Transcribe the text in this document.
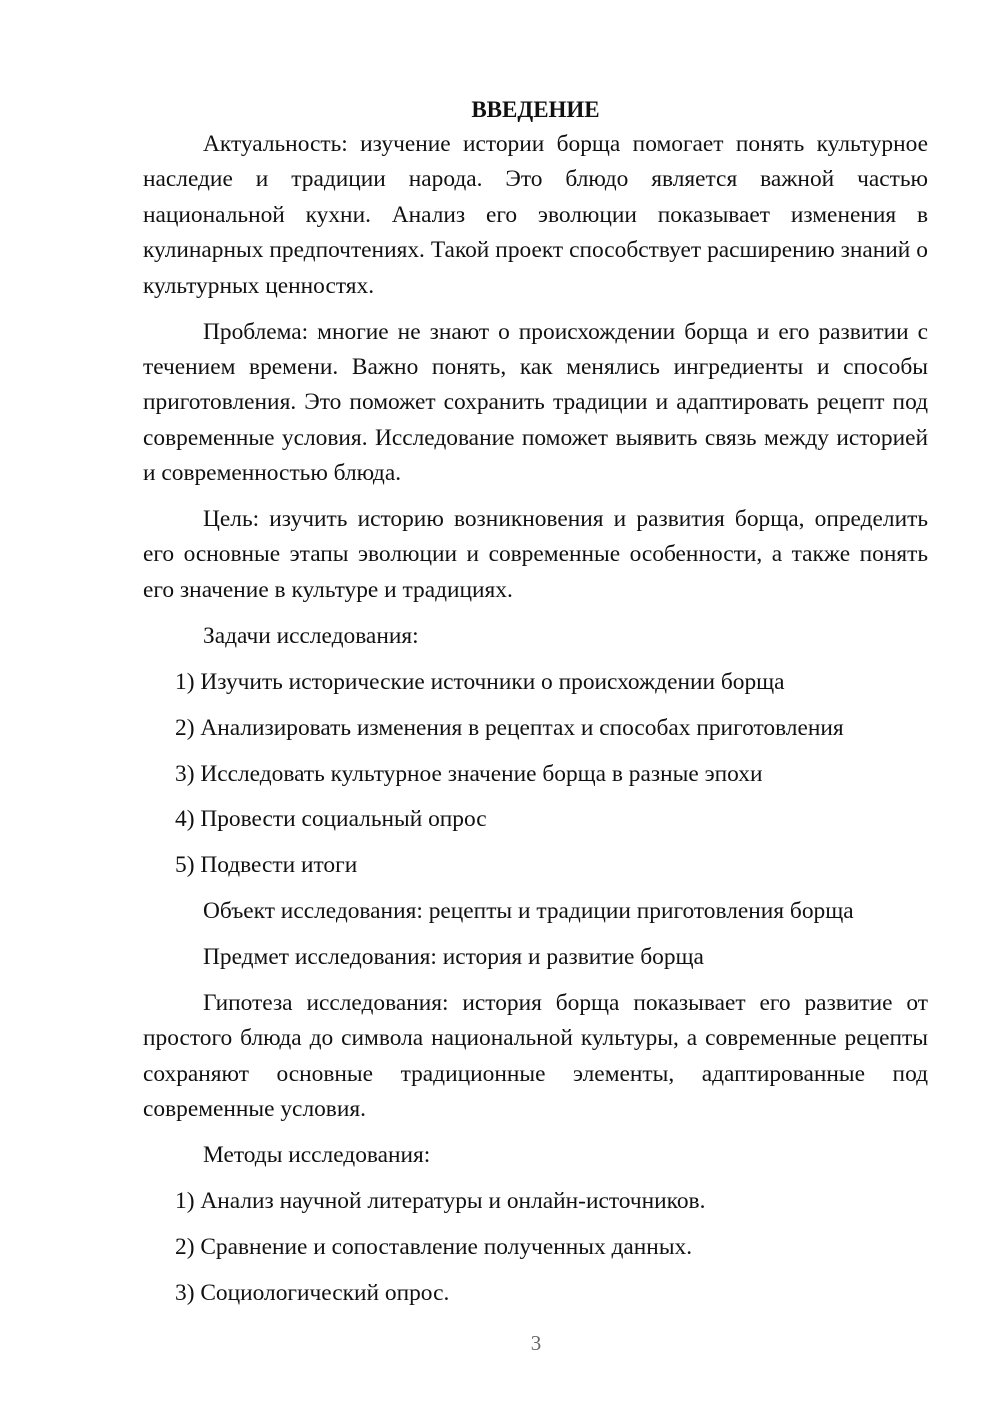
ВВЕДЕНИЕ

Актуальность: изучение истории борща помогает понять культурное наследие и традиции народа. Это блюдо является важной частью национальной кухни. Анализ его эволюции показывает изменения в кулинарных предпочтениях. Такой проект способствует расширению знаний о культурных ценностях.

Проблема: многие не знают о происхождении борща и его развитии с течением времени. Важно понять, как менялись ингредиенты и способы приготовления. Это поможет сохранить традиции и адаптировать рецепт под современные условия. Исследование поможет выявить связь между историей и современностью блюда.

Цель: изучить историю возникновения и развития борща, определить его основные этапы эволюции и современные особенности, а также понять его значение в культуре и традициях.

Задачи исследования:

1) Изучить исторические источники о происхождении борща
2) Анализировать изменения в рецептах и способах приготовления
3) Исследовать культурное значение борща в разные эпохи
4) Провести социальный опрос
5) Подвести итоги

Объект исследования: рецепты и традиции приготовления борща

Предмет исследования: история и развитие борща

Гипотеза исследования: история борща показывает его развитие от простого блюда до символа национальной культуры, а современные рецепты сохраняют основные традиционные элементы, адаптированные под современные условия.

Методы исследования:

1) Анализ научной литературы и онлайн-источников.
2) Сравнение и сопоставление полученных данных.
3) Социологический опрос.
3
